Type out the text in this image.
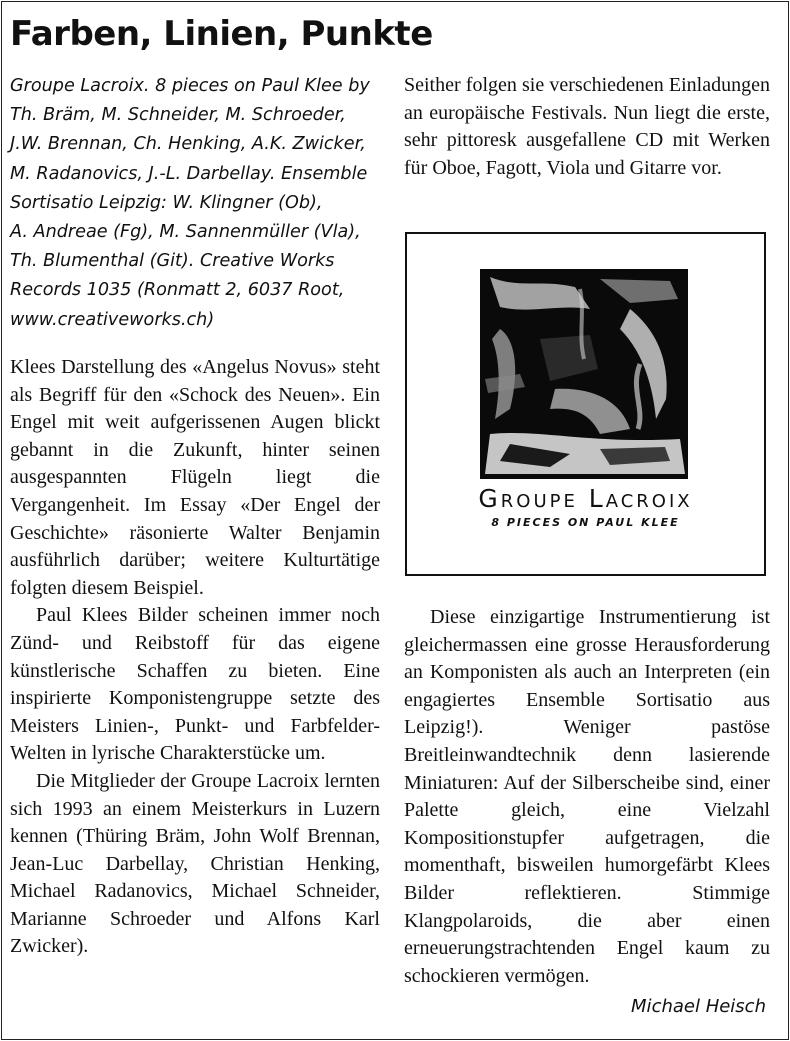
Farben, Linien, Punkte
Groupe Lacroix. 8 pieces on Paul Klee by
Th. Bräm, M. Schneider, M. Schroeder,
J.W. Brennan, Ch. Henking, A.K. Zwicker,
M. Radanovics, J.-L. Darbellay. Ensemble
Sortisatio Leipzig: W. Klingner (Ob),
A. Andreae (Fg), M. Sannenmüller (Vla),
Th. Blumenthal (Git). Creative Works
Records 1035 (Ronmatt 2, 6037 Root,
www.creativeworks.ch)

Klees Darstellung des «Angelus Novus» steht als Begriff für den «Schock des Neuen». Ein Engel mit weit aufgerissenen Augen blickt gebannt in die Zukunft, hinter seinen ausgespannten Flügeln liegt die Vergangenheit. Im Essay «Der Engel der Geschichte» räsonierte Walter Benjamin ausführlich darüber; weitere Kulturtätige folgten diesem Beispiel.

Paul Klees Bilder scheinen immer noch Zünd- und Reibstoff für das eigene künstlerische Schaffen zu bieten. Eine inspirierte Komponistengruppe setzte des Meisters Linien-, Punkt- und Farbfelder-Welten in lyrische Charakterstücke um.

Die Mitglieder der Groupe Lacroix lernten sich 1993 an einem Meisterkurs in Luzern kennen (Thüring Bräm, John Wolf Brennan, Jean-Luc Darbellay, Christian Henking, Michael Radanovics, Michael Schneider, Marianne Schroeder und Alfons Karl Zwicker).

Seither folgen sie verschiedenen Einladungen an europäische Festivals. Nun liegt die erste, sehr pittoresk ausgefallene CD mit Werken für Oboe, Fagott, Viola und Gitarre vor.

Groupe Lacroix
8 PIECES ON PAUL KLEE

Diese einzigartige Instrumentierung ist gleichermassen eine grosse Herausforderung an Komponisten als auch an Interpreten (ein engagiertes Ensemble Sortisatio aus Leipzig!). Weniger pastöse Breitleinwandtechnik denn lasierende Miniaturen: Auf der Silberscheibe sind, einer Palette gleich, eine Vielzahl Kompositionstupfer aufgetragen, die momenthaft, bisweilen humorgefärbt Klees Bilder reflektieren. Stimmige Klangpolaroids, die aber einen erneuerungstrachtenden Engel kaum zu schockieren vermögen.

Michael Heisch
